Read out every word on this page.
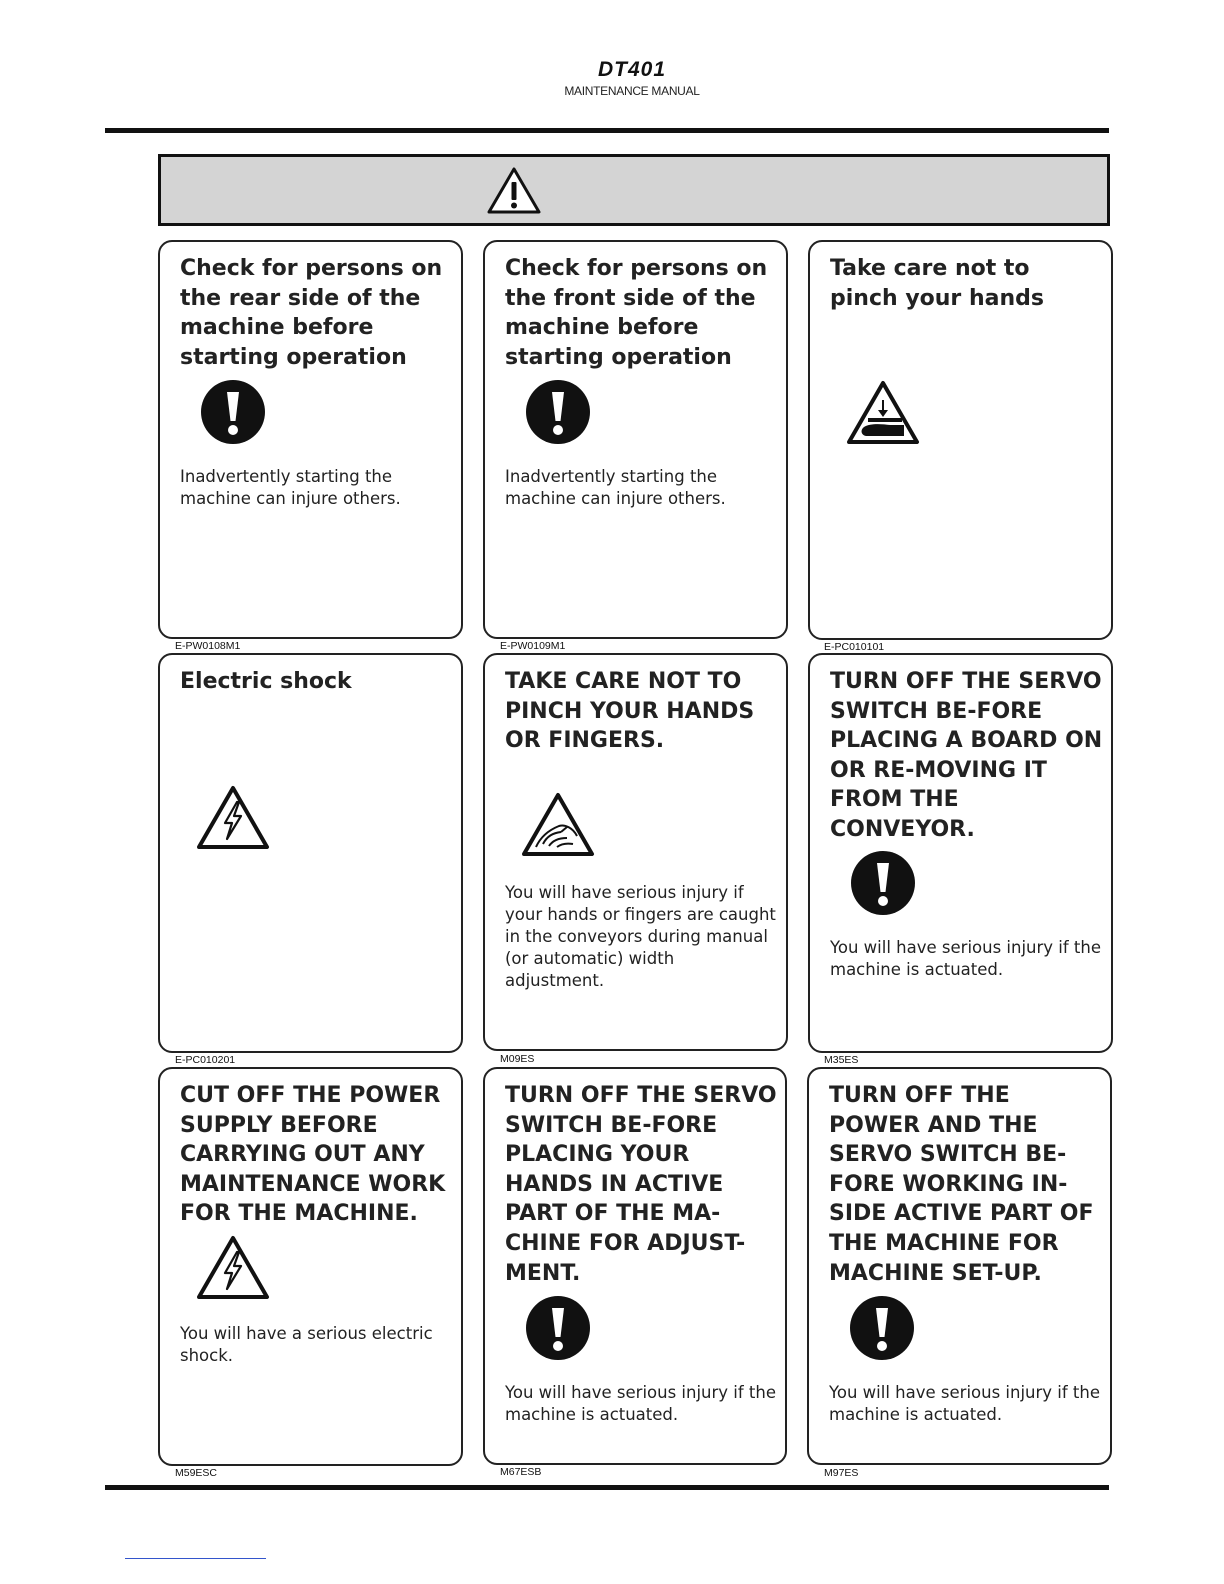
DT401
MAINTENANCE MANUAL
Check for persons on the rear side of the machine before starting operation
Inadvertently starting the machine can injure others.
E-PW0108M1
Check for persons on the front side of the machine before starting operation
Inadvertently starting the machine can injure others.
E-PW0109M1
Take care not to pinch your hands
E-PC010101
Electric shock
E-PC010201
TAKE CARE NOT TO PINCH YOUR HANDS OR FINGERS.
You will have serious injury if your hands or fingers are caught in the conveyors during manual (or automatic) width adjustment.
M09ES
TURN OFF THE SERVO SWITCH BE-FORE PLACING A BOARD ON OR RE-MOVING IT FROM THE CONVEYOR.
You will have serious injury if the machine is actuated.
M35ES
CUT OFF THE POWER SUPPLY BEFORE CARRYING OUT ANY MAINTENANCE WORK FOR THE MACHINE.
You will have a serious electric shock.
M59ESC
TURN OFF THE SERVO SWITCH BE-FORE PLACING YOUR HANDS IN ACTIVE PART OF THE MA-CHINE FOR ADJUST-MENT.
You will have serious injury if the machine is actuated.
M67ESB
TURN OFF THE POWER AND THE SERVO SWITCH BE-FORE WORKING IN-SIDE ACTIVE PART OF THE MACHINE FOR MACHINE SET-UP.
You will have serious injury if the machine is actuated.
M97ES
